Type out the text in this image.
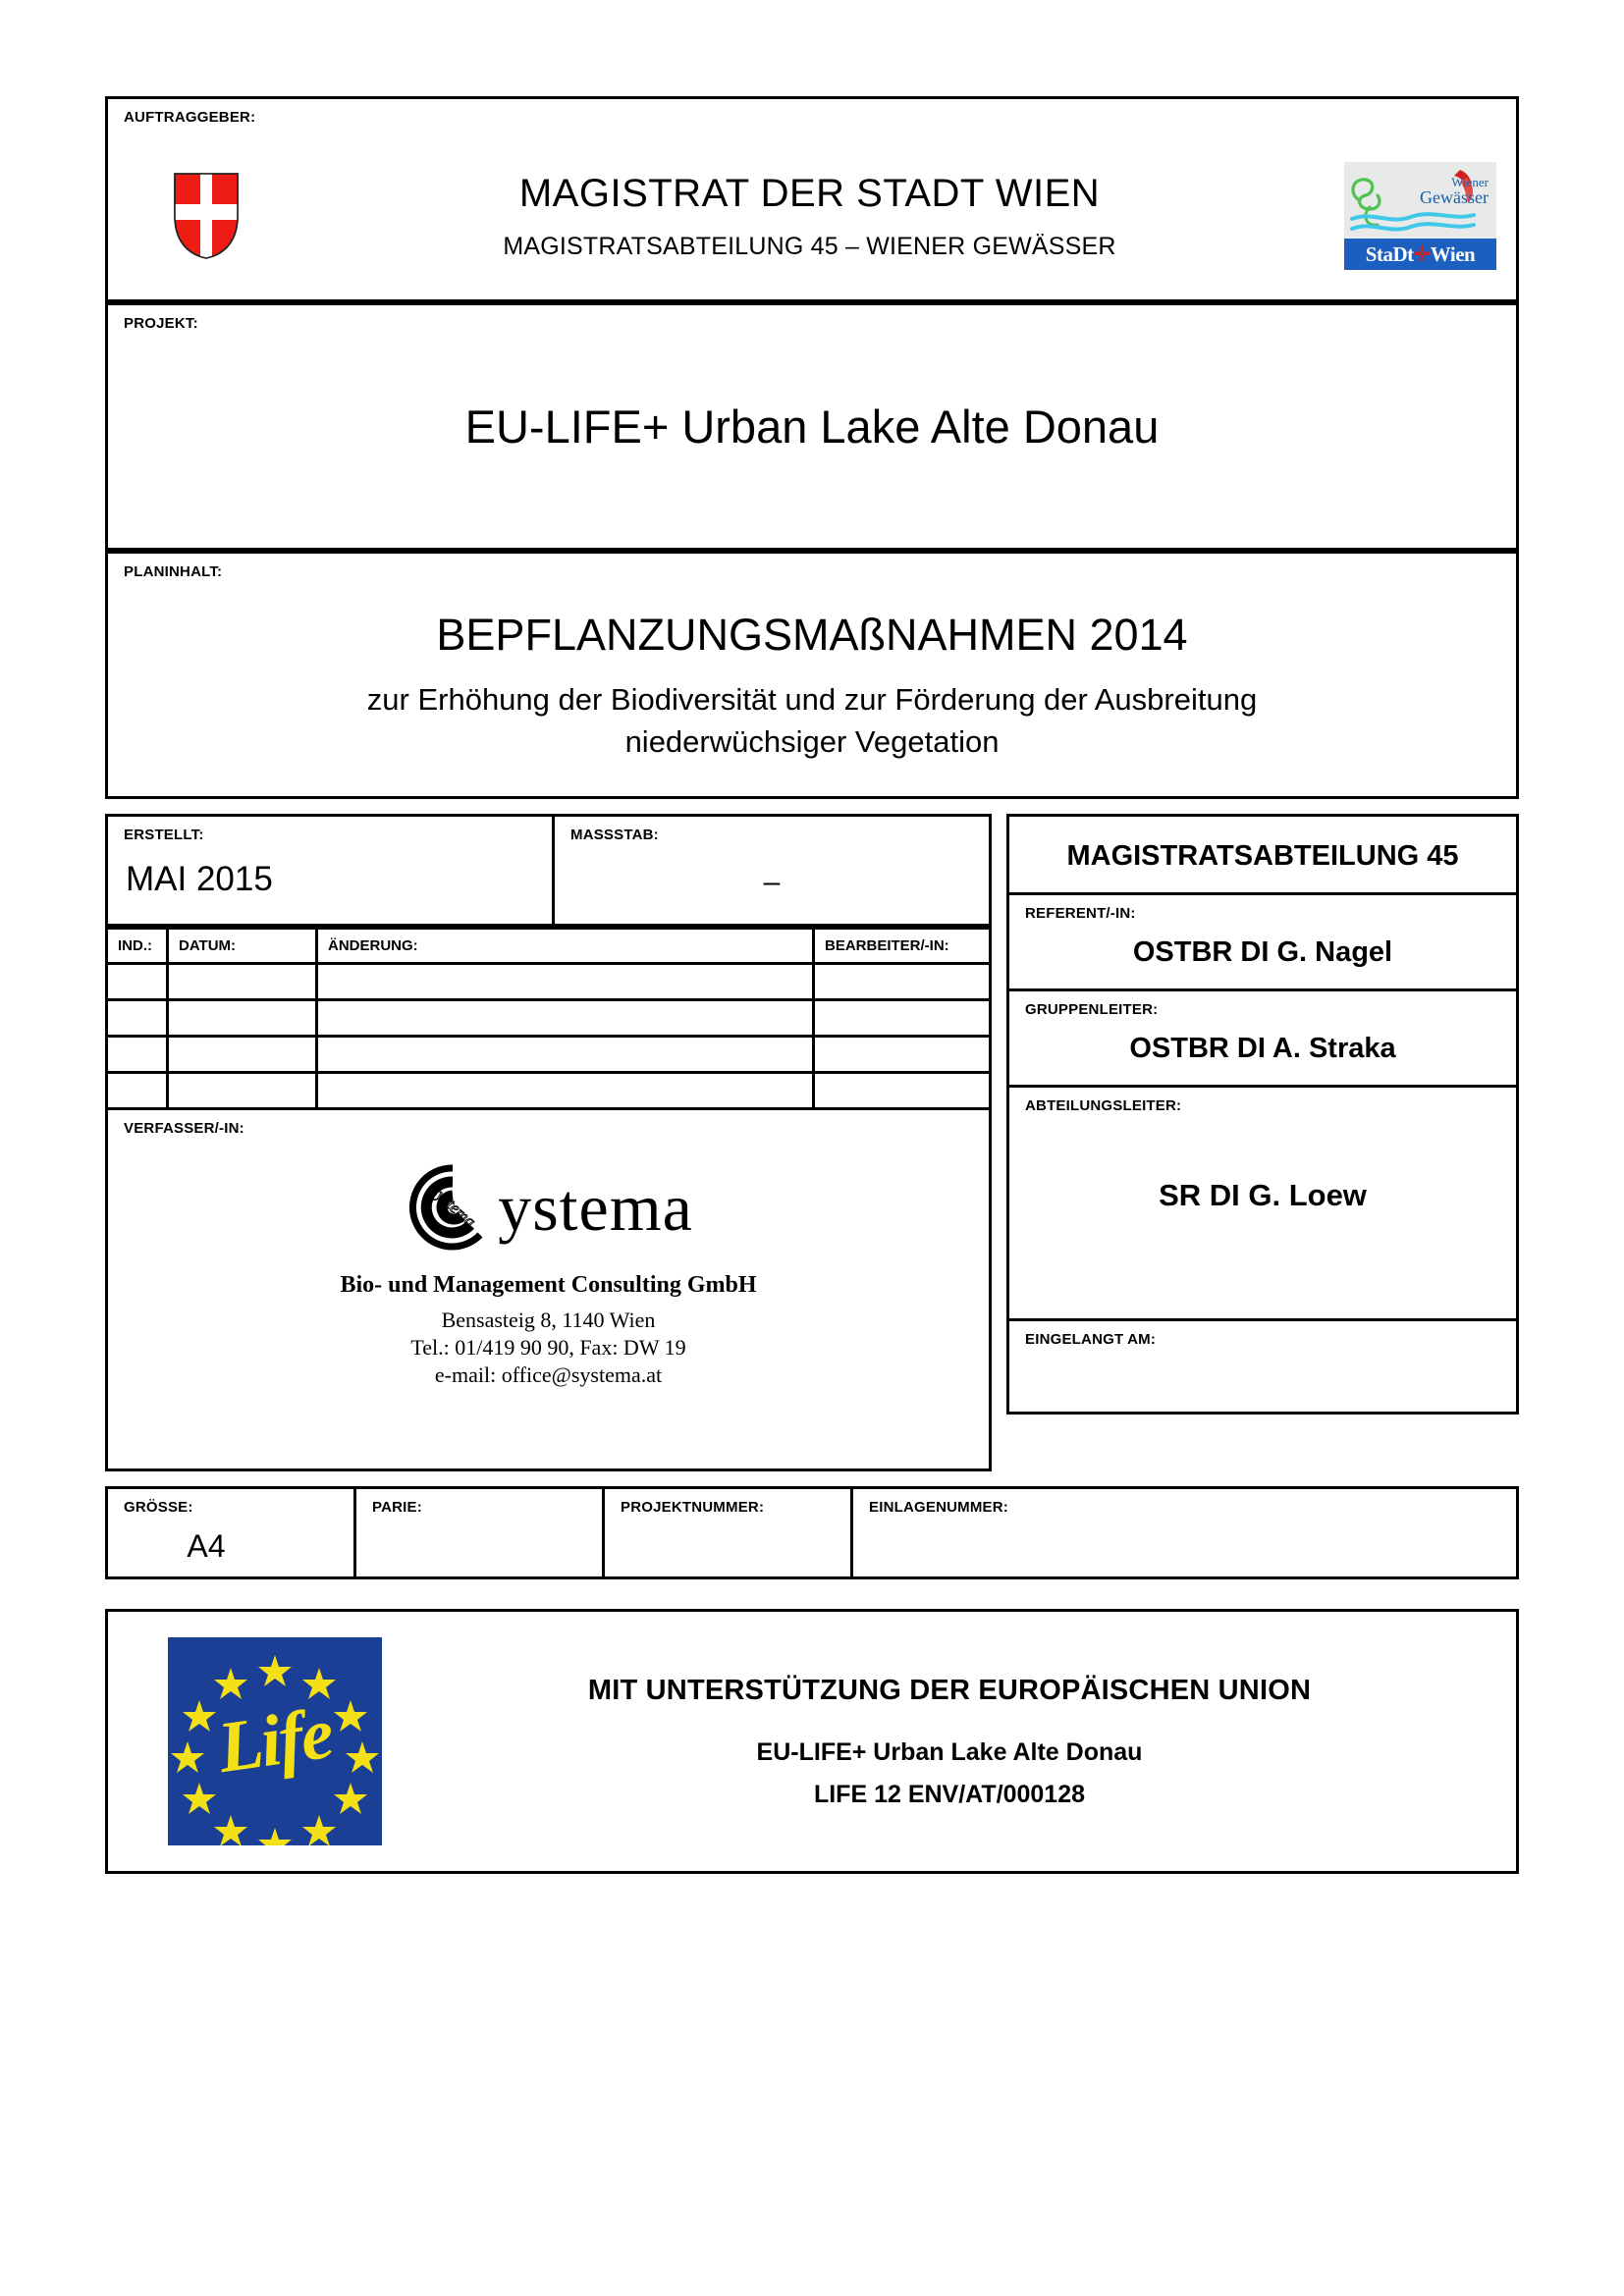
AUFTRAGGEBER:
MAGISTRAT DER STADT WIEN
MAGISTRATSABTEILUNG 45 – WIENER GEWÄSSER
Wiener
Gewässer
StaDt ✛ Wien
PROJEKT:
EU-LIFE+ Urban Lake Alte Donau
PLANINHALT:
BEPFLANZUNGSMAßNAHMEN 2014
zur Erhöhung der Biodiversität und zur Förderung der Ausbreitung
niederwüchsiger Vegetation
ERSTELLT:
MAI 2015
MASSSTAB:
–
IND.:	DATUM:	ÄNDERUNG:	BEARBEITER/-IN:

VERFASSER/-IN:
systema ystema
Bio- und Management Consulting GmbH
Bensasteig 8, 1140 Wien
Tel.: 01/419 90 90, Fax: DW 19
e-mail: office@systema.at
MAGISTRATSABTEILUNG 45
REFERENT/-IN:
OSTBR DI G. Nagel
GRUPPENLEITER:
OSTBR DI A. Straka
ABTEILUNGSLEITER:
SR DI G. Loew
EINGELANGT AM:
GRÖSSE:
A4
PARIE:	PROJEKTNUMMER:	EINLAGENUMMER:
Life
MIT UNTERSTÜTZUNG DER EUROPÄISCHEN UNION
EU-LIFE+ Urban Lake Alte Donau
LIFE 12 ENV/AT/000128
